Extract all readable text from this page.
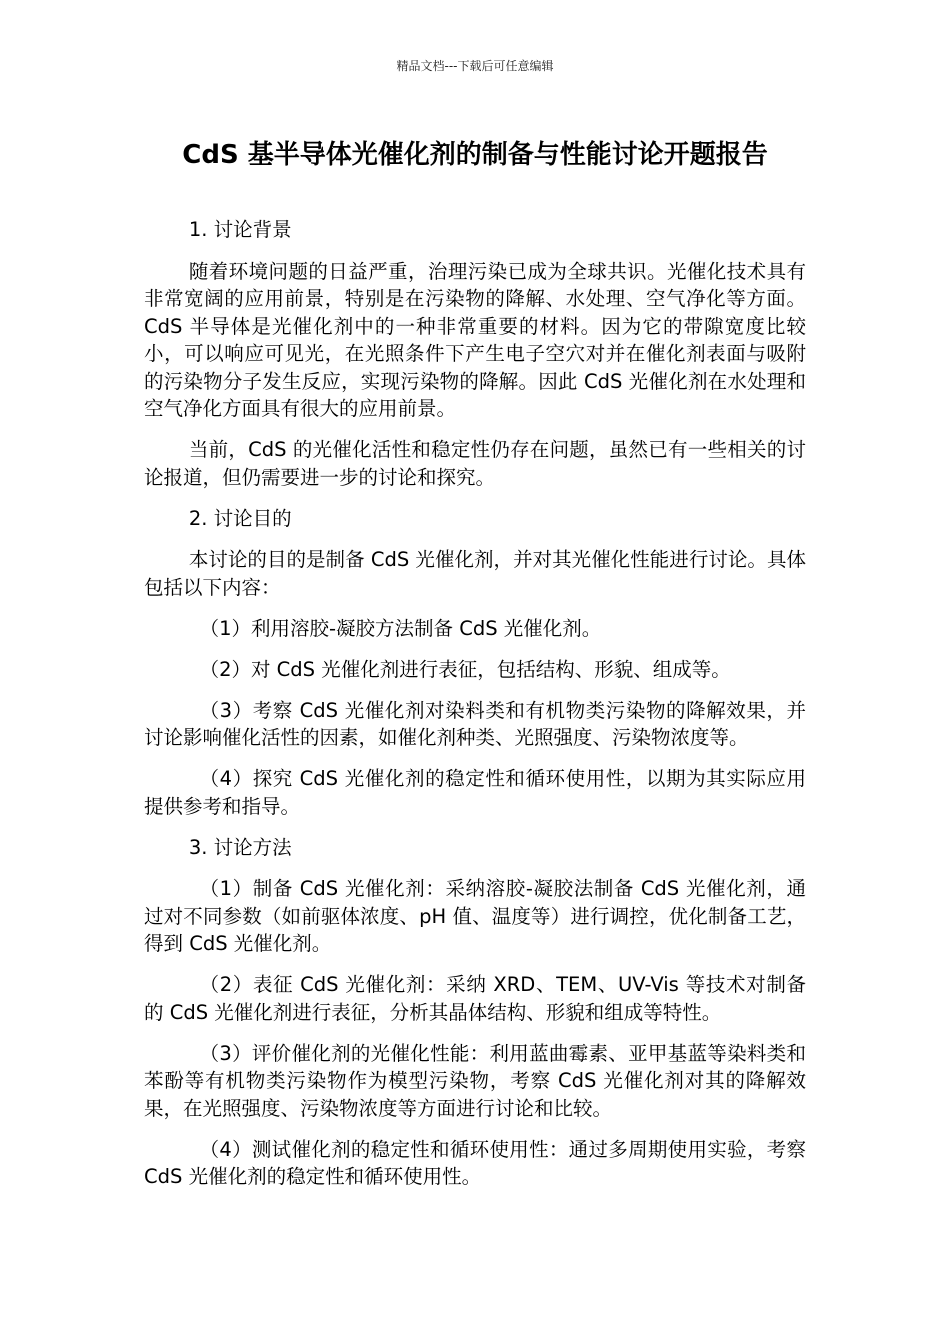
精品文档---下载后可任意编辑
CdS 基半导体光催化剂的制备与性能讨论开题报告

1. 讨论背景

随着环境问题的日益严重，治理污染已成为全球共识。光催化技术具有非常宽阔的应用前景，特别是在污染物的降解、水处理、空气净化等方面。CdS 半导体是光催化剂中的一种非常重要的材料。因为它的带隙宽度比较小，可以响应可见光，在光照条件下产生电子空穴对并在催化剂表面与吸附的污染物分子发生反应，实现污染物的降解。因此 CdS 光催化剂在水处理和空气净化方面具有很大的应用前景。

当前，CdS 的光催化活性和稳定性仍存在问题，虽然已有一些相关的讨论报道，但仍需要进一步的讨论和探究。

2. 讨论目的

本讨论的目的是制备 CdS 光催化剂，并对其光催化性能进行讨论。具体包括以下内容：

（1）利用溶胶-凝胶方法制备 CdS 光催化剂。

（2）对 CdS 光催化剂进行表征，包括结构、形貌、组成等。

（3）考察 CdS 光催化剂对染料类和有机物类污染物的降解效果，并讨论影响催化活性的因素，如催化剂种类、光照强度、污染物浓度等。

（4）探究 CdS 光催化剂的稳定性和循环使用性，以期为其实际应用提供参考和指导。

3. 讨论方法

（1）制备 CdS 光催化剂：采纳溶胶-凝胶法制备 CdS 光催化剂，通过对不同参数（如前驱体浓度、pH 值、温度等）进行调控，优化制备工艺，得到 CdS 光催化剂。

（2）表征 CdS 光催化剂：采纳 XRD、TEM、UV-Vis 等技术对制备的 CdS 光催化剂进行表征，分析其晶体结构、形貌和组成等特性。

（3）评价催化剂的光催化性能：利用蓝曲霉素、亚甲基蓝等染料类和苯酚等有机物类污染物作为模型污染物，考察 CdS 光催化剂对其的降解效果，在光照强度、污染物浓度等方面进行讨论和比较。

（4）测试催化剂的稳定性和循环使用性：通过多周期使用实验，考察 CdS 光催化剂的稳定性和循环使用性。
